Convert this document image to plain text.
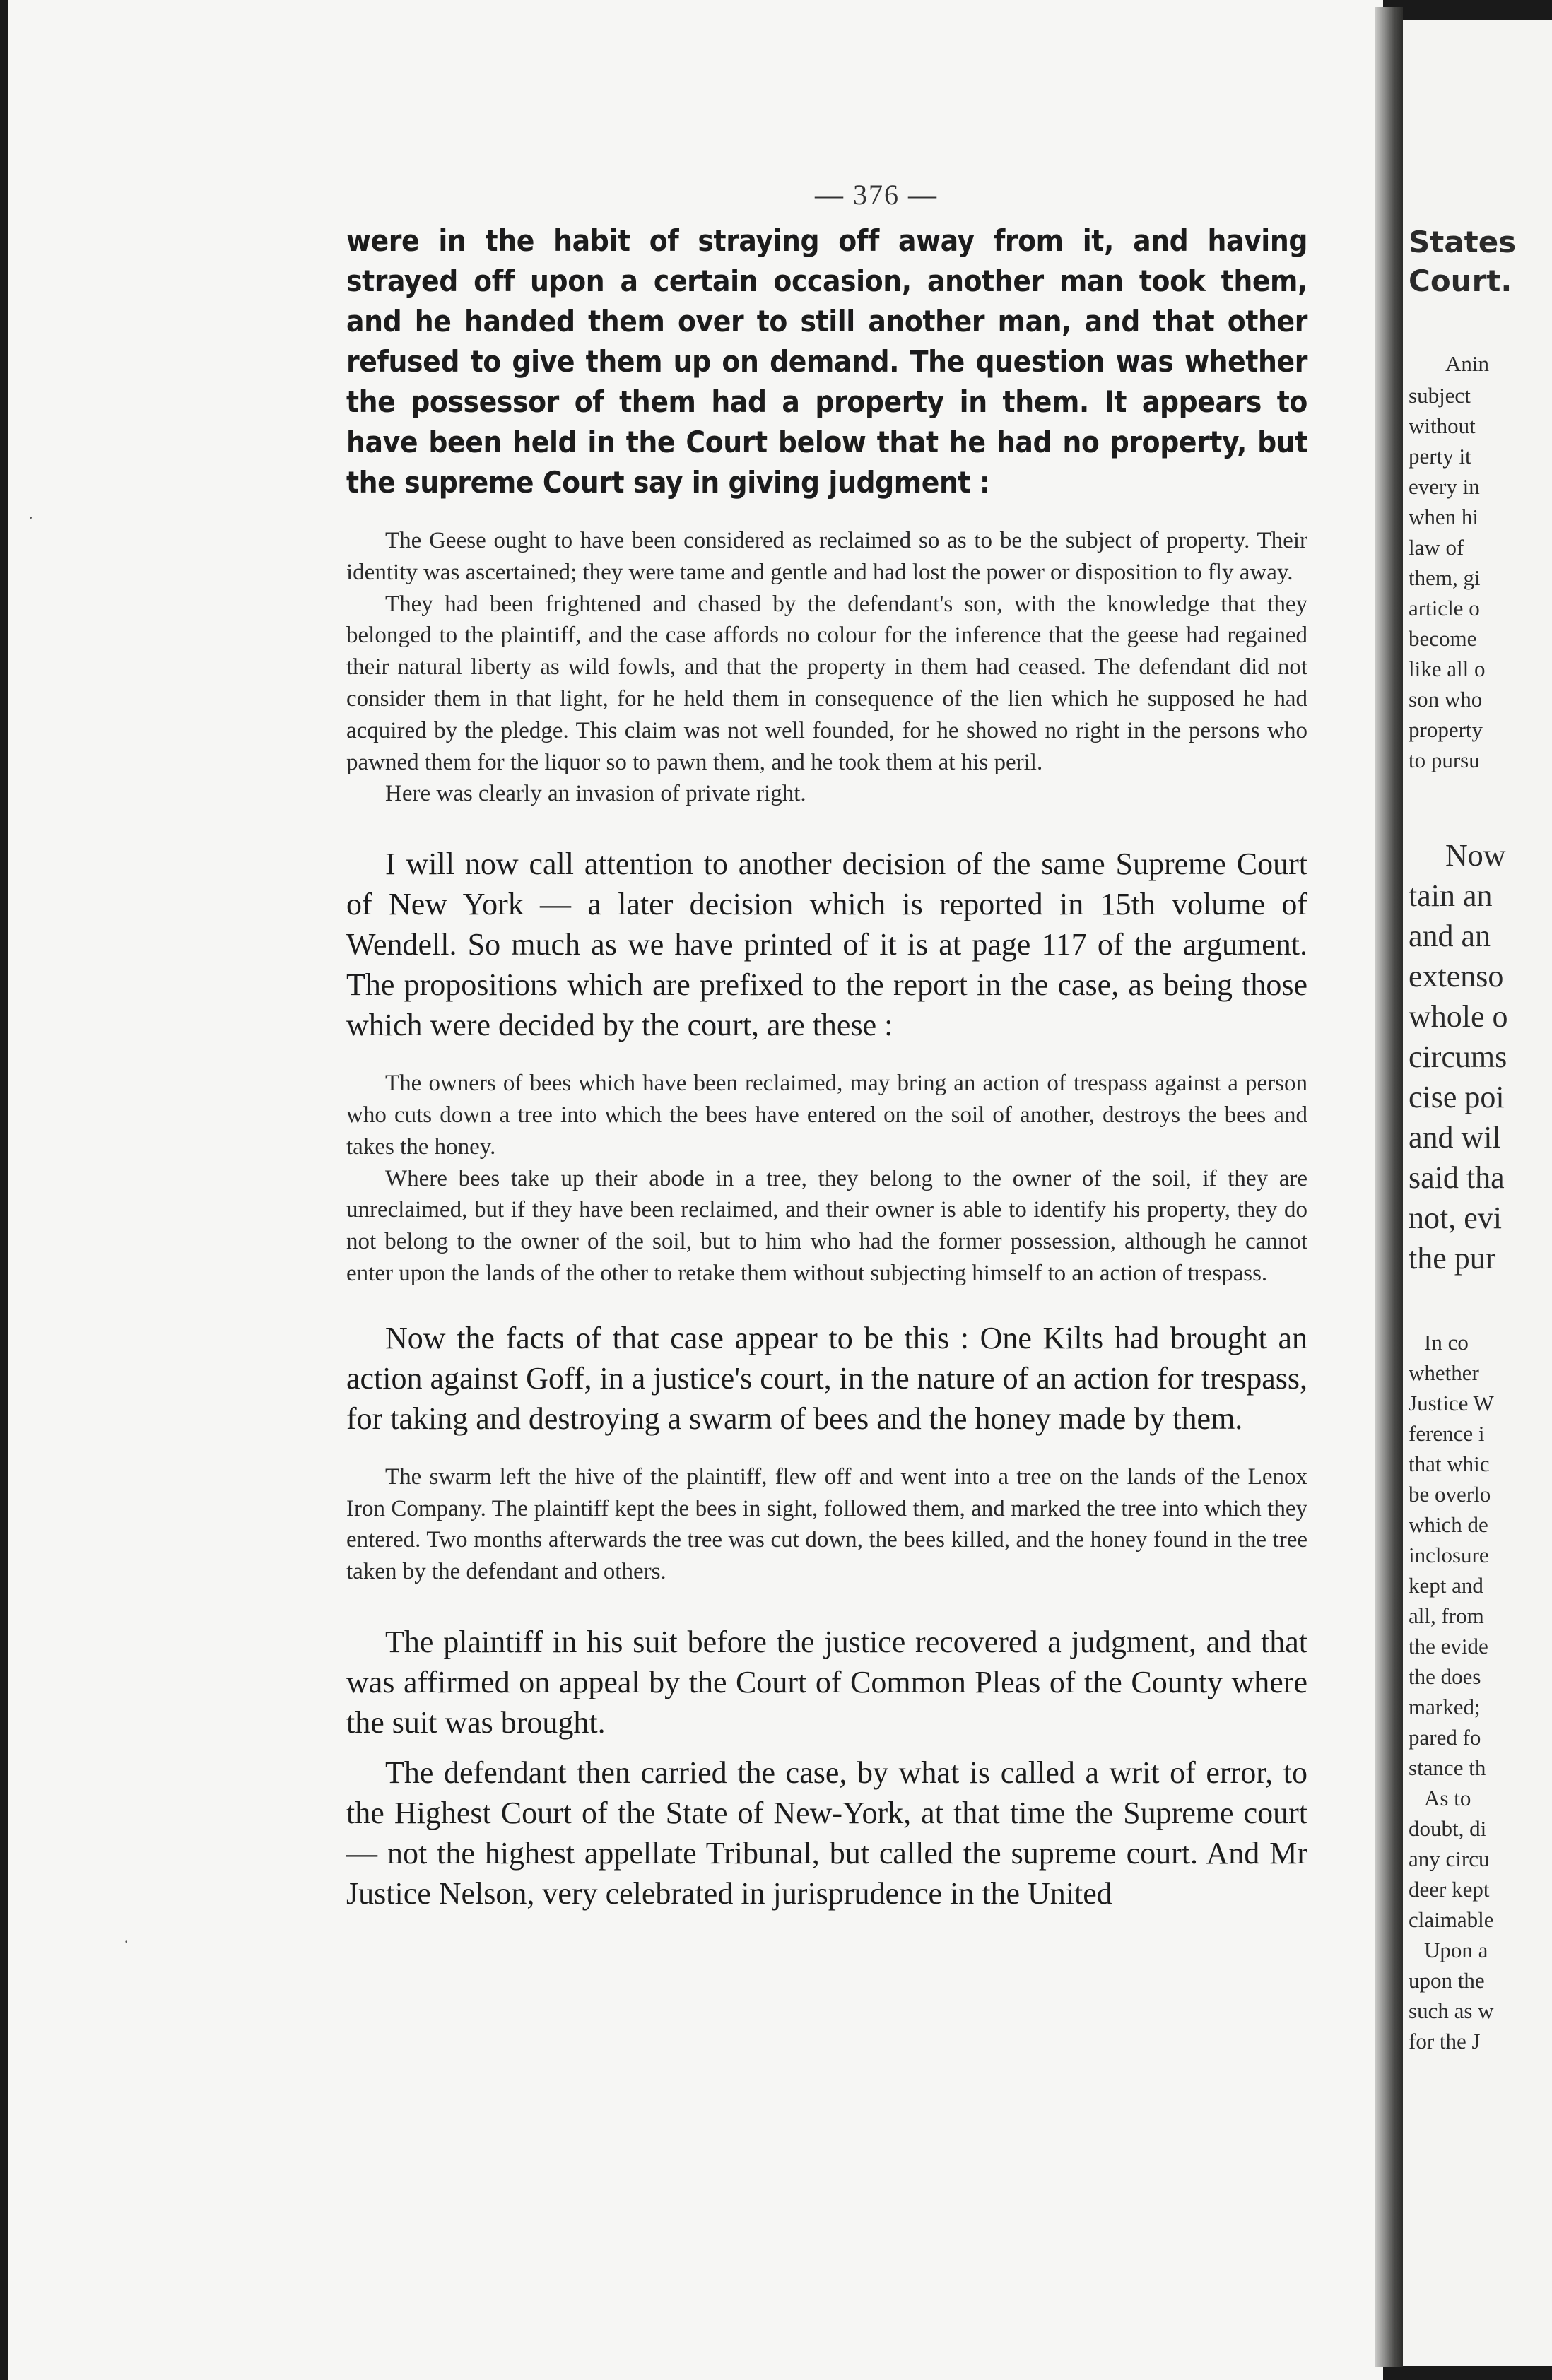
— 376 —

were in the habit of straying off away from it, and having strayed off upon a certain occasion, another man took them, and he handed them over to still another man, and that other refused to give them up on demand. The question was whether the possessor of them had a property in them. It appears to have been held in the Court below that he had no property, but the supreme Court say in giving judgment :

The Geese ought to have been considered as reclaimed so as to be the subject of property. Their identity was ascertained; they were tame and gentle and had lost the power or disposition to fly away.

They had been frightened and chased by the defendant's son, with the knowledge that they belonged to the plaintiff, and the case affords no colour for the inference that the geese had regained their natural liberty as wild fowls, and that the property in them had ceased. The defendant did not consider them in that light, for he held them in consequence of the lien which he supposed he had acquired by the pledge. This claim was not well founded, for he showed no right in the persons who pawned them for the liquor so to pawn them, and he took them at his peril.

Here was clearly an invasion of private right.

I will now call attention to another decision of the same Supreme Court of New York — a later decision which is reported in 15th volume of Wendell. So much as we have printed of it is at page 117 of the argument. The propositions which are prefixed to the report in the case, as being those which were decided by the court, are these :

The owners of bees which have been reclaimed, may bring an action of trespass against a person who cuts down a tree into which the bees have entered on the soil of another, destroys the bees and takes the honey.

Where bees take up their abode in a tree, they belong to the owner of the soil, if they are unreclaimed, but if they have been reclaimed, and their owner is able to identify his property, they do not belong to the owner of the soil, but to him who had the former possession, although he cannot enter upon the lands of the other to retake them without subjecting himself to an action of trespass.

Now the facts of that case appear to be this : One Kilts had brought an action against Goff, in a justice's court, in the nature of an action for trespass, for taking and destroying a swarm of bees and the honey made by them.

The swarm left the hive of the plaintiff, flew off and went into a tree on the lands of the Lenox Iron Company. The plaintiff kept the bees in sight, followed them, and marked the tree into which they entered. Two months afterwards the tree was cut down, the bees killed, and the honey found in the tree taken by the defendant and others.

The plaintiff in his suit before the justice recovered a judgment, and that was affirmed on appeal by the Court of Common Pleas of the County where the suit was brought.

The defendant then carried the case, by what is called a writ of error, to the Highest Court of the State of New-York, at that time the Supreme court — not the highest appellate Tribunal, but called the supreme court. And Mr Justice Nelson, very celebrated in jurisprudence in the United

States
Court.
Anin
subject
without
perty it
every in
when hi
law of
them, gi
article o
become
like all o
son who
property
to pursu
Now
tain an
and an
extenso
whole o
circums
cise poi
and wil
said tha
not, evi
the pur
In co
whether
Justice W
ference i
that whic
be overlo
which de
inclosure
kept and
all, from
the evide
the does
marked;
pared fo
stance th
As to
doubt, di
any circu
deer kept
claimable
Upon a
upon the
such as w
for the J
·
·
